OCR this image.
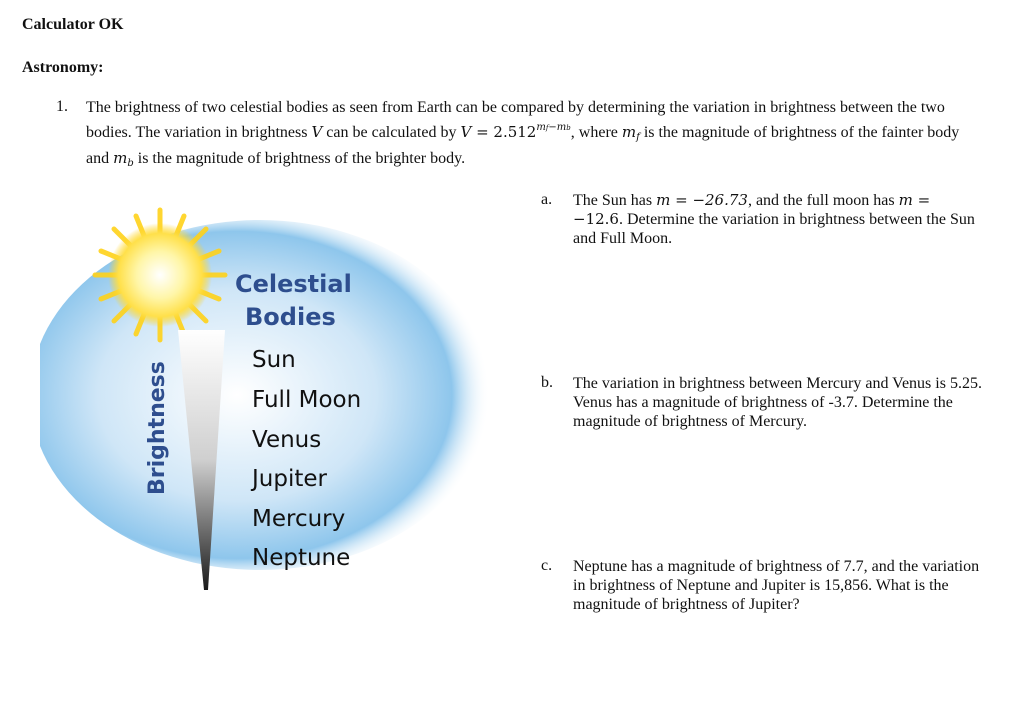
Calculator OK
Astronomy:
1. The brightness of two celestial bodies as seen from Earth can be compared by determining the variation in brightness between the two bodies. The variation in brightness V can be calculated by $V = 2.512^{mf-mb}$, where $m_f$ is the magnitude of brightness of the fainter body and $m_b$ is the magnitude of brightness of the brighter body.
Brightness
Celestial
Bodies
Sun
Full Moon
Venus
Jupiter
Mercury
Neptune
a. The Sun has m = −26.73, and the full moon has m =
−12.6. Determine the variation in brightness between the Sun and Full Moon.
b. The variation in brightness between Mercury and Venus is 5.25. Venus has a magnitude of brightness of -3.7. Determine the magnitude of brightness of Mercury.
c. Neptune has a magnitude of brightness of 7.7, and the variation in brightness of Neptune and Jupiter is 15,856. What is the magnitude of brightness of Jupiter?
